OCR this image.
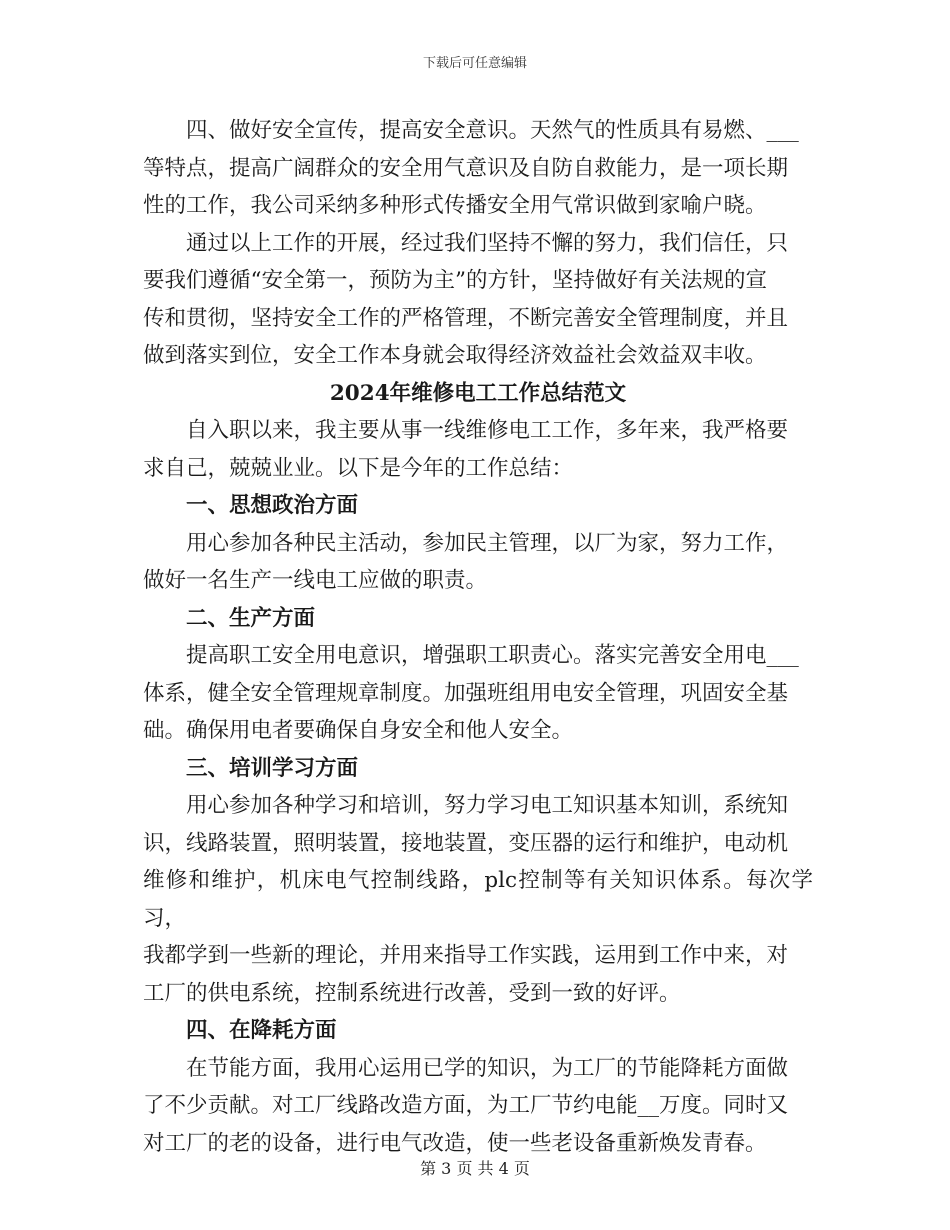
下载后可任意编辑

四、做好安全宣传，提高安全意识。天然气的性质具有易燃、___
等特点，提高广阔群众的安全用气意识及自防自救能力，是一项长期
性的工作，我公司采纳多种形式传播安全用气常识做到家喻户晓。

通过以上工作的开展，经过我们坚持不懈的努力，我们信任，只
要我们遵循“安全第一，预防为主”的方针，坚持做好有关法规的宣
传和贯彻，坚持安全工作的严格管理，不断完善安全管理制度，并且
做到落实到位，安全工作本身就会取得经济效益社会效益双丰收。

2024年维修电工工作总结范文

自入职以来，我主要从事一线维修电工工作，多年来，我严格要
求自己，兢兢业业。以下是今年的工作总结：

一、思想政治方面

用心参加各种民主活动，参加民主管理，以厂为家，努力工作，
做好一名生产一线电工应做的职责。

二、生产方面

提高职工安全用电意识，增强职工职责心。落实完善安全用电___
体系，健全安全管理规章制度。加强班组用电安全管理，巩固安全基
础。确保用电者要确保自身安全和他人安全。

三、培训学习方面

用心参加各种学习和培训，努力学习电工知识基本知训，系统知
识，线路装置，照明装置，接地装置，变压器的运行和维护，电动机
维修和维护，机床电气控制线路，plc控制等有关知识体系。每次学习，
我都学到一些新的理论，并用来指导工作实践，运用到工作中来，对
工厂的供电系统，控制系统进行改善，受到一致的好评。

四、在降耗方面

在节能方面，我用心运用已学的知识，为工厂的节能降耗方面做
了不少贡献。对工厂线路改造方面，为工厂节约电能__万度。同时又
对工厂的老的设备，进行电气改造，使一些老设备重新焕发青春。

第 3 页 共 4 页
